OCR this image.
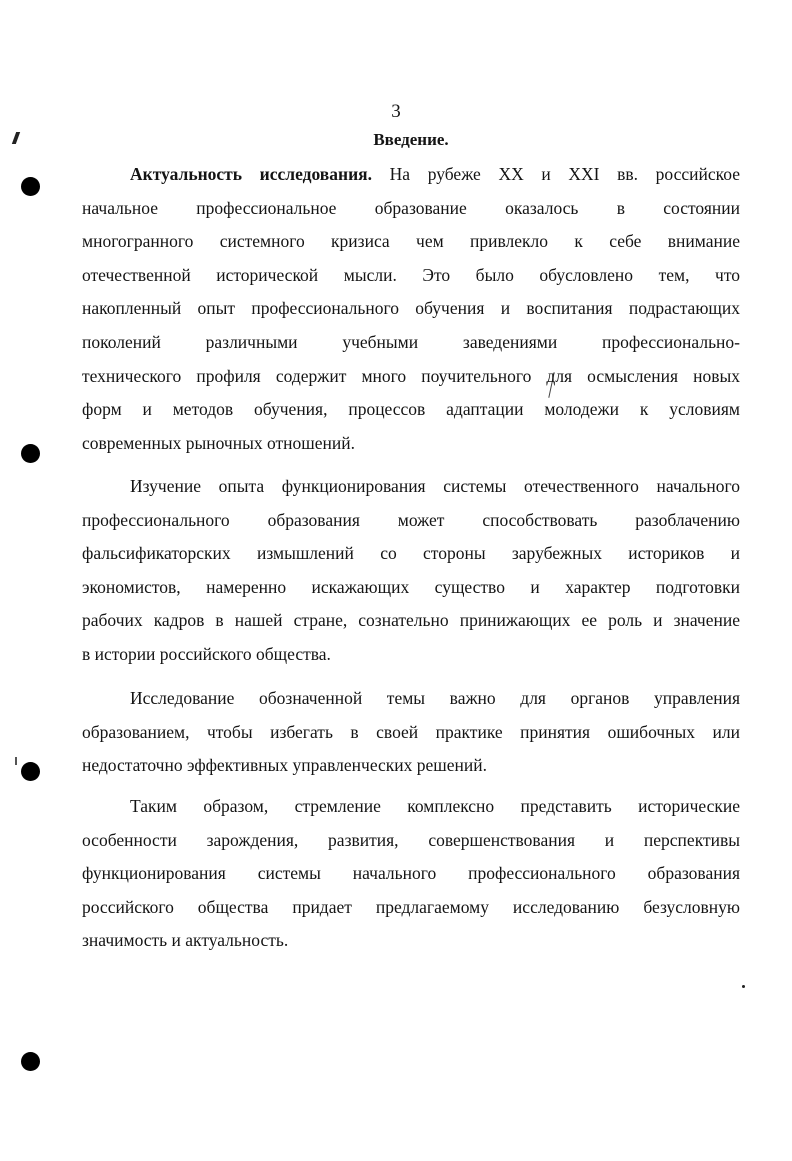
3
Введение.
Актуальность исследования. На рубеже XX и XXI вв. российское
начальное профессиональное образование оказалось в состоянии
многогранного системного кризиса чем привлекло к себе внимание
отечественной исторической мысли. Это было обусловлено тем, что
накопленный опыт профессионального обучения и воспитания подрастающих
поколений различными учебными заведениями профессионально-
технического профиля содержит много поучительного для осмысления новых
форм и методов обучения, процессов адаптации молодежи к условиям
современных рыночных отношений.
Изучение опыта функционирования системы отечественного начального
профессионального образования может способствовать разоблачению
фальсификаторских измышлений со стороны зарубежных историков и
экономистов, намеренно искажающих существо и характер подготовки
рабочих кадров в нашей стране, сознательно принижающих ее роль и значение
в истории российского общества.
Исследование обозначенной темы важно для органов управления
образованием, чтобы избегать в своей практике принятия ошибочных или
недостаточно эффективных управленческих решений.
Таким образом, стремление комплексно представить исторические
особенности зарождения, развития, совершенствования и перспективы
функционирования системы начального профессионального образования
российского общества придает предлагаемому исследованию безусловную
значимость и актуальность.
